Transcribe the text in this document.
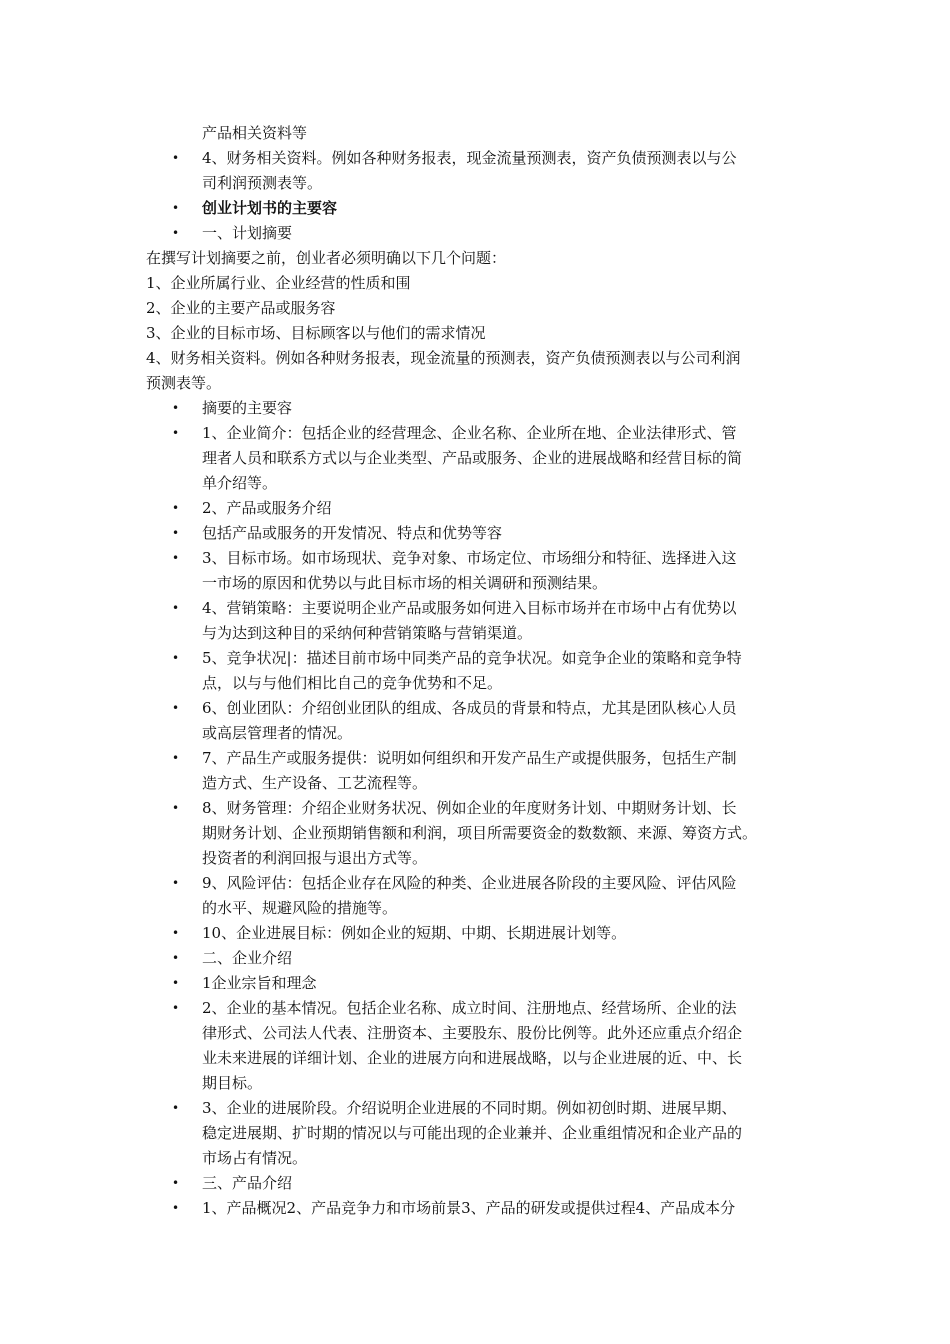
产品相关资料等
• 4、财务相关资料。例如各种财务报表，现金流量预测表，资产负债预测表以与公
司利润预测表等。
• 创业计划书的主要容
• 一、计划摘要
在撰写计划摘要之前，创业者必须明确以下几个问题：
1、企业所属行业、企业经营的性质和围
2、企业的主要产品或服务容
3、企业的目标市场、目标顾客以与他们的需求情况
4、财务相关资料。例如各种财务报表，现金流量的预测表，资产负债预测表以与公司利润
预测表等。
• 摘要的主要容
• 1、企业简介：包括企业的经营理念、企业名称、企业所在地、企业法律形式、管
理者人员和联系方式以与企业类型、产品或服务、企业的进展战略和经营目标的简
单介绍等。
• 2、产品或服务介绍
• 包括产品或服务的开发情况、特点和优势等容
• 3、目标市场。如市场现状、竞争对象、市场定位、市场细分和特征、选择进入这
一市场的原因和优势以与此目标市场的相关调研和预测结果。
• 4、营销策略：主要说明企业产品或服务如何进入目标市场并在市场中占有优势以
与为达到这种目的采纳何种营销策略与营销渠道。
• 5、竞争状况|：描述目前市场中同类产品的竞争状况。如竞争企业的策略和竞争特
点，以与与他们相比自己的竞争优势和不足。
• 6、创业团队：介绍创业团队的组成、各成员的背景和特点，尤其是团队核心人员
或高层管理者的情况。
• 7、产品生产或服务提供：说明如何组织和开发产品生产或提供服务，包括生产制
造方式、生产设备、工艺流程等。
• 8、财务管理：介绍企业财务状况、例如企业的年度财务计划、中期财务计划、长
期财务计划、企业预期销售额和利润，项目所需要资金的数数额、来源、筹资方式。
投资者的利润回报与退出方式等。
• 9、风险评估：包括企业存在风险的种类、企业进展各阶段的主要风险、评估风险
的水平、规避风险的措施等。
• 10、企业进展目标：例如企业的短期、中期、长期进展计划等。
• 二、企业介绍
• 1企业宗旨和理念
• 2、企业的基本情况。包括企业名称、成立时间、注册地点、经营场所、企业的法
律形式、公司法人代表、注册资本、主要股东、股份比例等。此外还应重点介绍企
业未来进展的详细计划、企业的进展方向和进展战略，以与企业进展的近、中、长
期目标。
• 3、企业的进展阶段。介绍说明企业进展的不同时期。例如初创时期、进展早期、
稳定进展期、扩时期的情况以与可能出现的企业兼并、企业重组情况和企业产品的
市场占有情况。
• 三、产品介绍
• 1、产品概况2、产品竞争力和市场前景3、产品的研发或提供过程4、产品成本分
